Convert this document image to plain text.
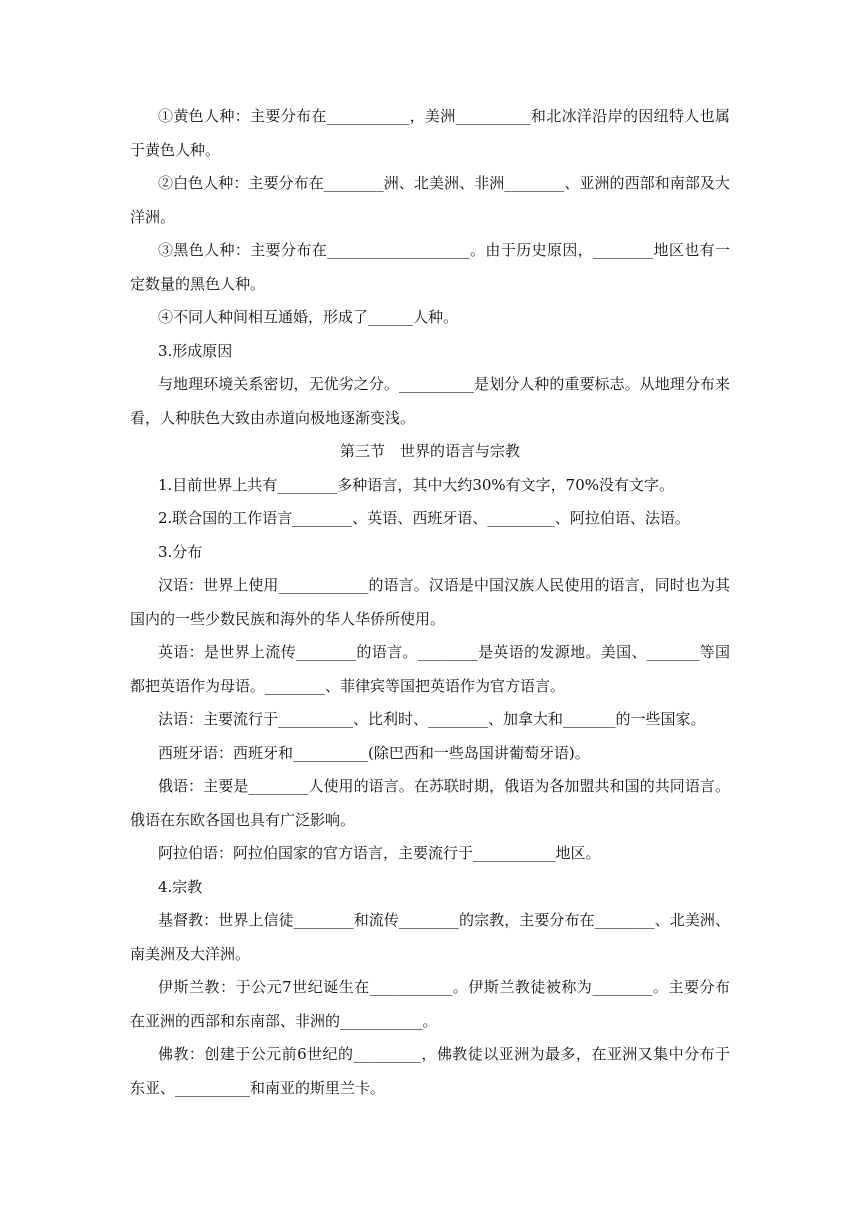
①黄色人种：主要分布在___________，美洲__________和北冰洋沿岸的因纽特人也属于黄色人种。

②白色人种：主要分布在________洲、北美洲、非洲________、亚洲的西部和南部及大洋洲。

③黑色人种：主要分布在___________________。由于历史原因，________地区也有一定数量的黑色人种。

④不同人种间相互通婚，形成了______人种。

3.形成原因

与地理环境关系密切，无优劣之分。__________是划分人种的重要标志。从地理分布来看，人种肤色大致由赤道向极地逐渐变浅。

第三节　世界的语言与宗教

1.目前世界上共有________多种语言，其中大约30%有文字，70%没有文字。

2.联合国的工作语言________、英语、西班牙语、_________、阿拉伯语、法语。

3.分布

汉语：世界上使用____________的语言。汉语是中国汉族人民使用的语言，同时也为其国内的一些少数民族和海外的华人华侨所使用。

英语：是世界上流传________的语言。________是英语的发源地。美国、_______等国都把英语作为母语。________、菲律宾等国把英语作为官方语言。

法语：主要流行于__________、比利时、________、加拿大和_______的一些国家。

西班牙语：西班牙和__________(除巴西和一些岛国讲葡萄牙语)。

俄语：主要是________人使用的语言。在苏联时期，俄语为各加盟共和国的共同语言。俄语在东欧各国也具有广泛影响。

阿拉伯语：阿拉伯国家的官方语言，主要流行于___________地区。

4.宗教

基督教：世界上信徒________和流传________的宗教，主要分布在________、北美洲、南美洲及大洋洲。

伊斯兰教：于公元7世纪诞生在___________。伊斯兰教徒被称为________。主要分布在亚洲的西部和东南部、非洲的___________。

佛教：创建于公元前6世纪的_________，佛教徒以亚洲为最多，在亚洲又集中分布于东亚、__________和南亚的斯里兰卡。
